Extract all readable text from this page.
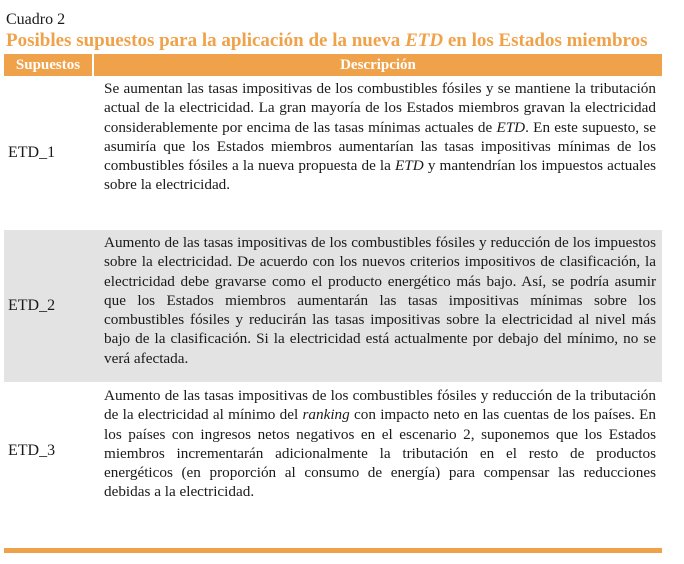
Cuadro 2
Posibles supuestos para la aplicación de la nueva ETD en los Estados miembros
Supuestos	Descripción
ETD_1
Se aumentan las tasas impositivas de los combustibles fósiles y se mantiene la tributación actual de la electricidad. La gran mayoría de los Estados miembros gravan la electricidad considerablemente por encima de las tasas mínimas actuales de ETD. En este supuesto, se asumiría que los Estados miembros aumentarían las tasas impositivas mínimas de los combustibles fósiles a la nueva propuesta de la ETD y mantendrían los impuestos actuales sobre la electricidad.
ETD_2
Aumento de las tasas impositivas de los combustibles fósiles y reducción de los impuestos sobre la electricidad. De acuerdo con los nuevos criterios impositivos de clasificación, la electricidad debe gravarse como el producto energético más bajo. Así, se podría asumir que los Estados miembros aumentarán las tasas impositivas mínimas sobre los combustibles fósiles y reducirán las tasas impositivas sobre la electricidad al nivel más bajo de la clasificación. Si la electricidad está actualmente por debajo del mínimo, no se verá afectada.
ETD_3
Aumento de las tasas impositivas de los combustibles fósiles y reducción de la tributación de la electricidad al mínimo del ranking con impacto neto en las cuentas de los países. En los países con ingresos netos negativos en el escenario 2, suponemos que los Estados miembros incrementarán adicionalmente la tributación en el resto de productos energéticos (en proporción al consumo de energía) para compensar las reducciones debidas a la electricidad.
